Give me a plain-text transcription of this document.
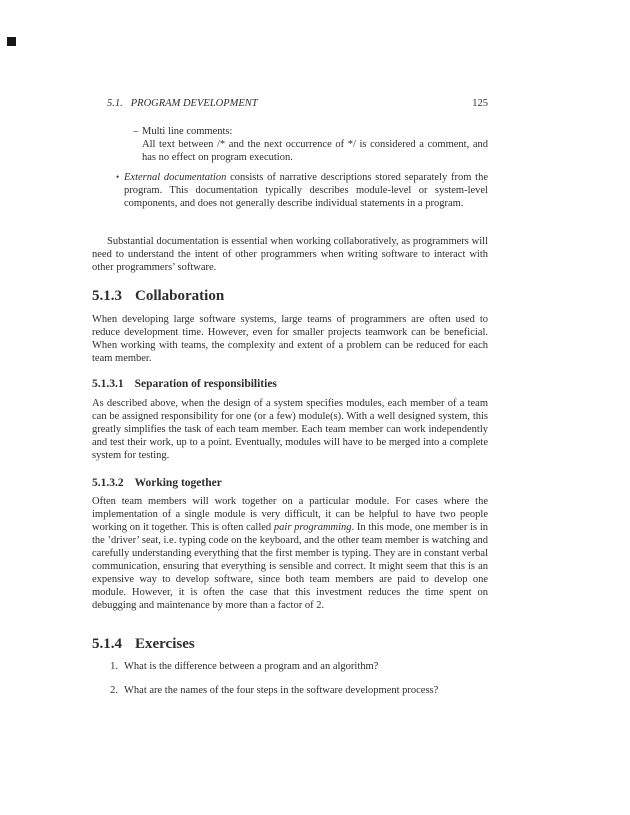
5.1. PROGRAM DEVELOPMENT	125
– Multi line comments:
All text between /* and the next occurrence of */ is considered a comment, and has no effect on program execution.
• External documentation consists of narrative descriptions stored separately from the program. This documentation typically describes module-level or system-level components, and does not generally describe individual statements in a program.
Substantial documentation is essential when working collaboratively, as programmers will need to understand the intent of other programmers when writing software to interact with other programmers’ software.
5.1.3 Collaboration
When developing large software systems, large teams of programmers are often used to reduce development time. However, even for smaller projects teamwork can be beneficial. When working with teams, the complexity and extent of a problem can be reduced for each team member.
5.1.3.1 Separation of responsibilities
As described above, when the design of a system specifies modules, each member of a team can be assigned responsibility for one (or a few) module(s). With a well designed system, this greatly simplifies the task of each team member. Each team member can work independently and test their work, up to a point. Eventually, modules will have to be merged into a complete system for testing.
5.1.3.2 Working together
Often team members will work together on a particular module. For cases where the implementation of a single module is very difficult, it can be helpful to have two people working on it together. This is often called pair programming. In this mode, one member is in the ’driver’ seat, i.e. typing code on the keyboard, and the other team member is watching and carefully understanding everything that the first member is typing. They are in constant verbal communication, ensuring that everything is sensible and correct. It might seem that this is an expensive way to develop software, since both team members are paid to develop one module. However, it is often the case that this investment reduces the time spent on debugging and maintenance by more than a factor of 2.
5.1.4 Exercises
1. What is the difference between a program and an algorithm?
2. What are the names of the four steps in the software development process?
